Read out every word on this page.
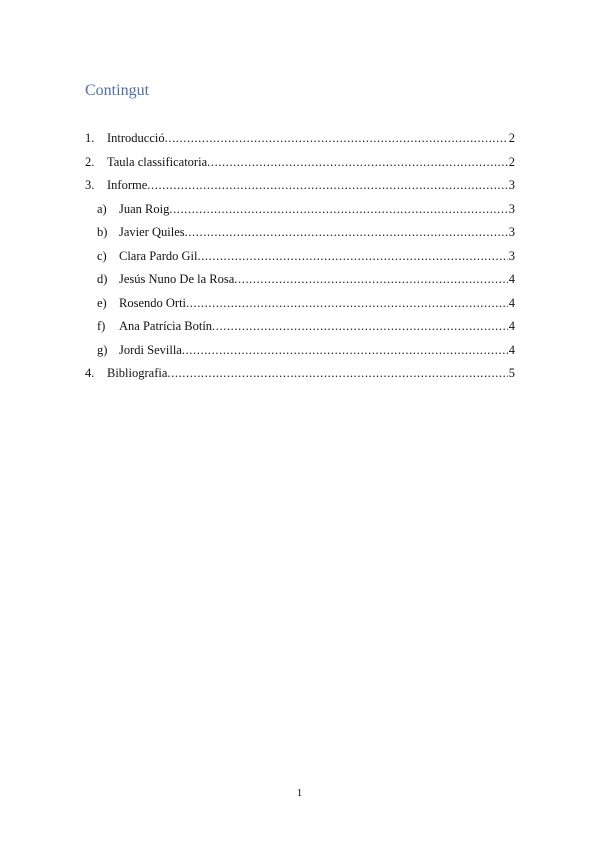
Contingut
1.	Introducció .....	2
2.	Taula classificatoria .....	2
3.	Informe .....	3
a) Juan Roig .....	3
b) Javier Quiles .....	3
c) Clara Pardo Gil .....	3
d) Jesús Nuno De la Rosa .....	4
e) Rosendo Orti .....	4
f)	Ana Patrícia Botín .....	4
g) Jordi Sevilla .....	4
4.	Bibliografia .....	5
1
